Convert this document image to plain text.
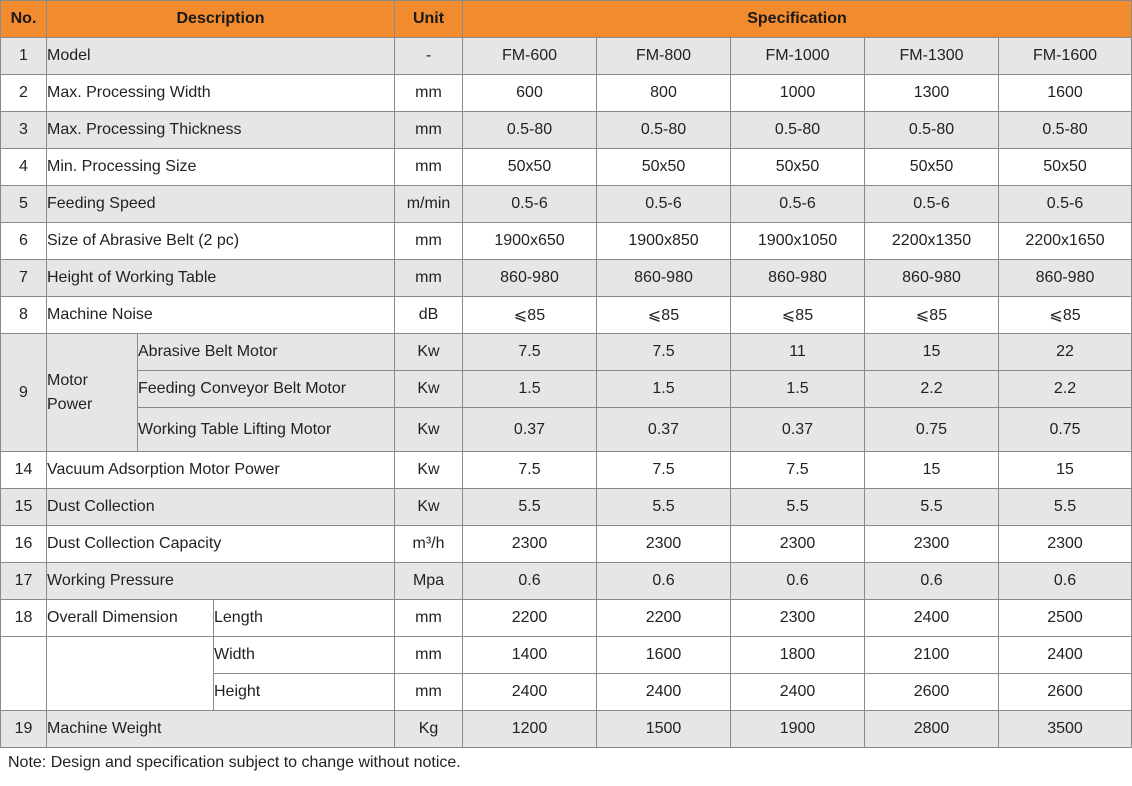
No.	Description			Unit	Specification				
1	Model			-	FM-600	FM-800	FM-1000	FM-1300	FM-1600
2	Max. Processing Width			mm	600	800	1000	1300	1600
3	Max. Processing Thickness			mm	0.5-80	0.5-80	0.5-80	0.5-80	0.5-80
4	Min. Processing Size			mm	50x50	50x50	50x50	50x50	50x50
5	Feeding Speed			m/min	0.5-6	0.5-6	0.5-6	0.5-6	0.5-6
6	Size of Abrasive Belt (2 pc)			mm	1900x650	1900x850	1900x1050	2200x1350	2200x1650
7	Height of Working Table			mm	860-980	860-980	860-980	860-980	860-980
8	Machine Noise			dB	⩽85	⩽85	⩽85	⩽85	⩽85
9	Motor Power	Abrasive Belt Motor		Kw	7.5	7.5	11	15	22
		Feeding Conveyor Belt Motor		Kw	1.5	1.5	1.5	2.2	2.2
		Working Table Lifting Motor		Kw	0.37	0.37	0.37	0.75	0.75
14	Vacuum Adsorption Motor Power			Kw	7.5	7.5	7.5	15	15
15	Dust Collection			Kw	5.5	5.5	5.5	5.5	5.5
16	Dust Collection Capacity			m³/h	2300	2300	2300	2300	2300
17	Working Pressure			Mpa	0.6	0.6	0.6	0.6	0.6
18	Overall Dimension		Length	mm	2200	2200	2300	2400	2500
			Width	mm	1400	1600	1800	2100	2400
			Height	mm	2400	2400	2400	2600	2600
19	Machine Weight			Kg	1200	1500	1900	2800	3500
Note: Design and specification subject to change without notice.
